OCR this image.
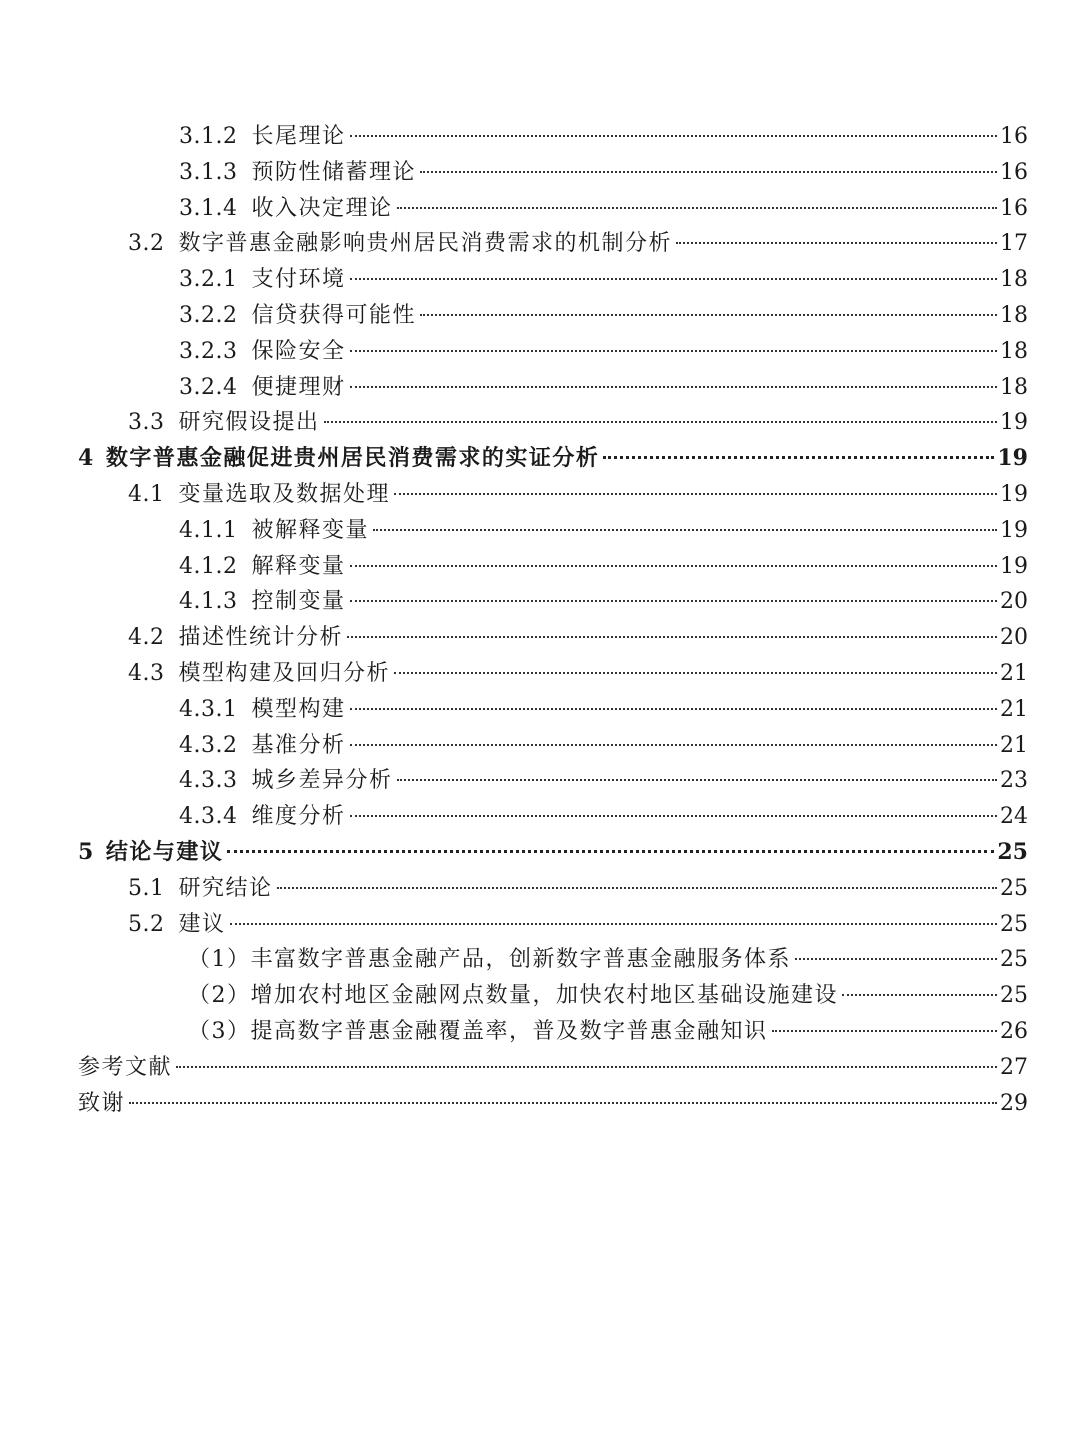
3.1.2 长尾理论	16
3.1.3 预防性储蓄理论	16
3.1.4 收入决定理论	16
3.2 数字普惠金融影响贵州居民消费需求的机制分析	17
3.2.1 支付环境	18
3.2.2 信贷获得可能性	18
3.2.3 保险安全	18
3.2.4 便捷理财	18
3.3 研究假设提出	19
4 数字普惠金融促进贵州居民消费需求的实证分析	19
4.1 变量选取及数据处理	19
4.1.1 被解释变量	19
4.1.2 解释变量	19
4.1.3 控制变量	20
4.2 描述性统计分析	20
4.3 模型构建及回归分析	21
4.3.1 模型构建	21
4.3.2 基准分析	21
4.3.3 城乡差异分析	23
4.3.4 维度分析	24
5 结论与建议	25
5.1 研究结论	25
5.2 建议	25
（1）丰富数字普惠金融产品，创新数字普惠金融服务体系	25
（2）增加农村地区金融网点数量，加快农村地区基础设施建设	25
（3）提高数字普惠金融覆盖率，普及数字普惠金融知识	26
参考文献	27
致谢	29
